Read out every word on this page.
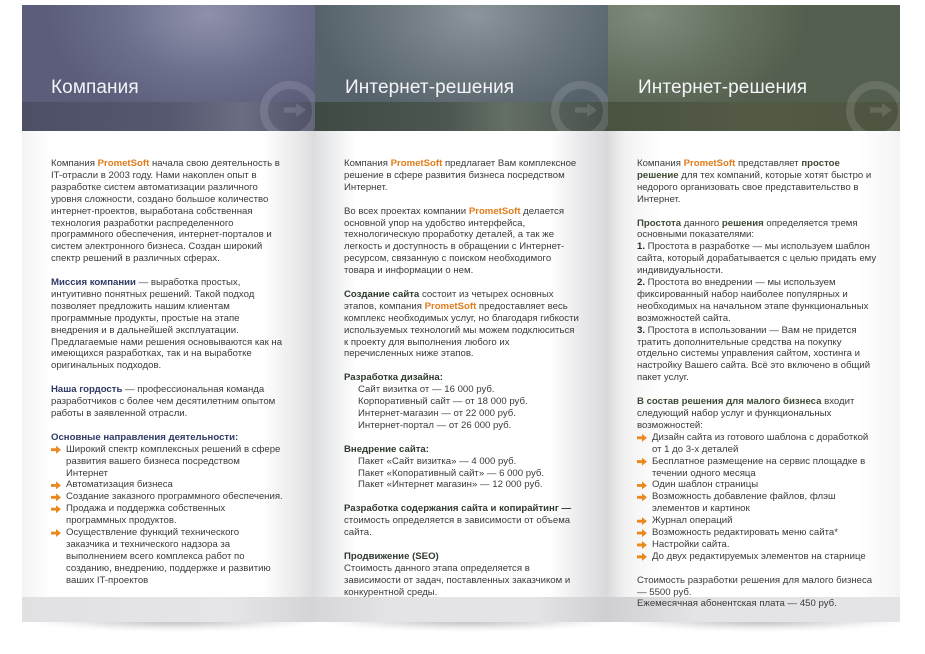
Компания

Компания PrometSoft начала свою деятельность в IT-отрасли в 2003 году. Нами накоплен опыт в разработке систем автоматизации различного уровня сложности, создано большое количество интернет-проектов, выработана собственная технология разработки распределенного программного обеспечения, интернет-порталов и систем электронного бизнеса. Создан широкий спектр решений в различных сферах.

Миссия компании — выработка простых, интуитивно понятных решений. Такой подход позволяет предложить нашим клиентам программные продукты, простые на этапе внедрения и в дальнейшей эксплуатации. Предлагаемые нами решения основываются как на имеющихся разработках, так и на выработке оригинальных подходов.

Наша гордость — профессиональная команда разработчиков с более чем десятилетним опытом работы в заявленной отрасли.

Основные направления деятельности:
Широкий спектр комплексных решений в сфере развития вашего бизнеса посредством Интернет
Автоматизация бизнеса
Создание заказного программного обеспечения.
Продажа и поддержка собственных программных продуктов.
Осуществление функций технического заказчика и технического надзора за выполнением всего комплекса работ по созданию, внедрению, поддержке и развитию ваших IT-проектов
Интернет-решения

Компания PrometSoft предлагает Вам комплексное решение в сфере развития бизнеса посредством Интернет.

Во всех проектах компании PrometSoft делается основной упор на удобство интерфейса, технологическую проработку деталей, а так же легкость и доступность в обращении с Интернет-ресурсом, связанную с поиском необходимого товара и информации о нем.

Создание сайта состоит из четырех основных этапов, компания PrometSoft предоставляет весь комплекс необходимых услуг, но благодаря гибкости используемых технологий мы можем подклюситься к проекту для выполнения любого их перечисленных ниже этапов.

Разработка дизайна:
Сайт визитка от — 16 000 руб.
Корпоративный сайт — от 18 000 руб.
Интернет-магазин — от 22 000 руб.
Интернет-портал — от 26 000 руб.
Внедрение сайта:
Пакет «Сайт визитка» — 4 000 руб.
Пакет «Копоративный сайт» — 6 000 руб.
Пакет «Интернет магазин» — 12 000 руб.

Разработка содержания сайта и копирайтинг — стоимость определяется в зависимости от объема сайта.

Продвижение (SEO)
Стоимость данного этапа определяется в зависимости от задач, поставленных заказчиком и конкурентной среды.
Интернет-решения

Компания PrometSoft представляет простое решение для тех компаний, которые хотят быстро и недорого организовать свое представительство в Интернет.

Простота данного решения определяется тремя основными показателями:
1. Простота в разработке — мы используем шаблон сайта, который дорабатывается с целью придать ему индивидуальности.
2. Простота во внедрении — мы используем фиксированный набор наиболее популярных и необходимых на начальном этапе функциональных возможностей сайта.
3. Простота в использовании — Вам не придется тратить дополнительные средства на покупку отдельно системы управления сайтом, хостинга и настройку Вашего сайта. Всё это включено в общий пакет услуг.
В состав решения для малого бизнеса входит следующий набор услуг и функциональных возможностей:
Дизайн сайта из готового шаблона с доработкой от 1 до 3-х деталей
Бесплатное размещение на сервис площадке в течении одного месяца
Один шаблон страницы
Возможность добавление файлов, флэш элементов и картинок
Журнал операций
Возможность редактировать меню сайта*
Настройки сайта.
До двух редактируемых элементов на старнице
Стоимость разработки решения для малого бизнеса — 5500 руб.
Ежемесячная абонентская плата — 450 руб.
